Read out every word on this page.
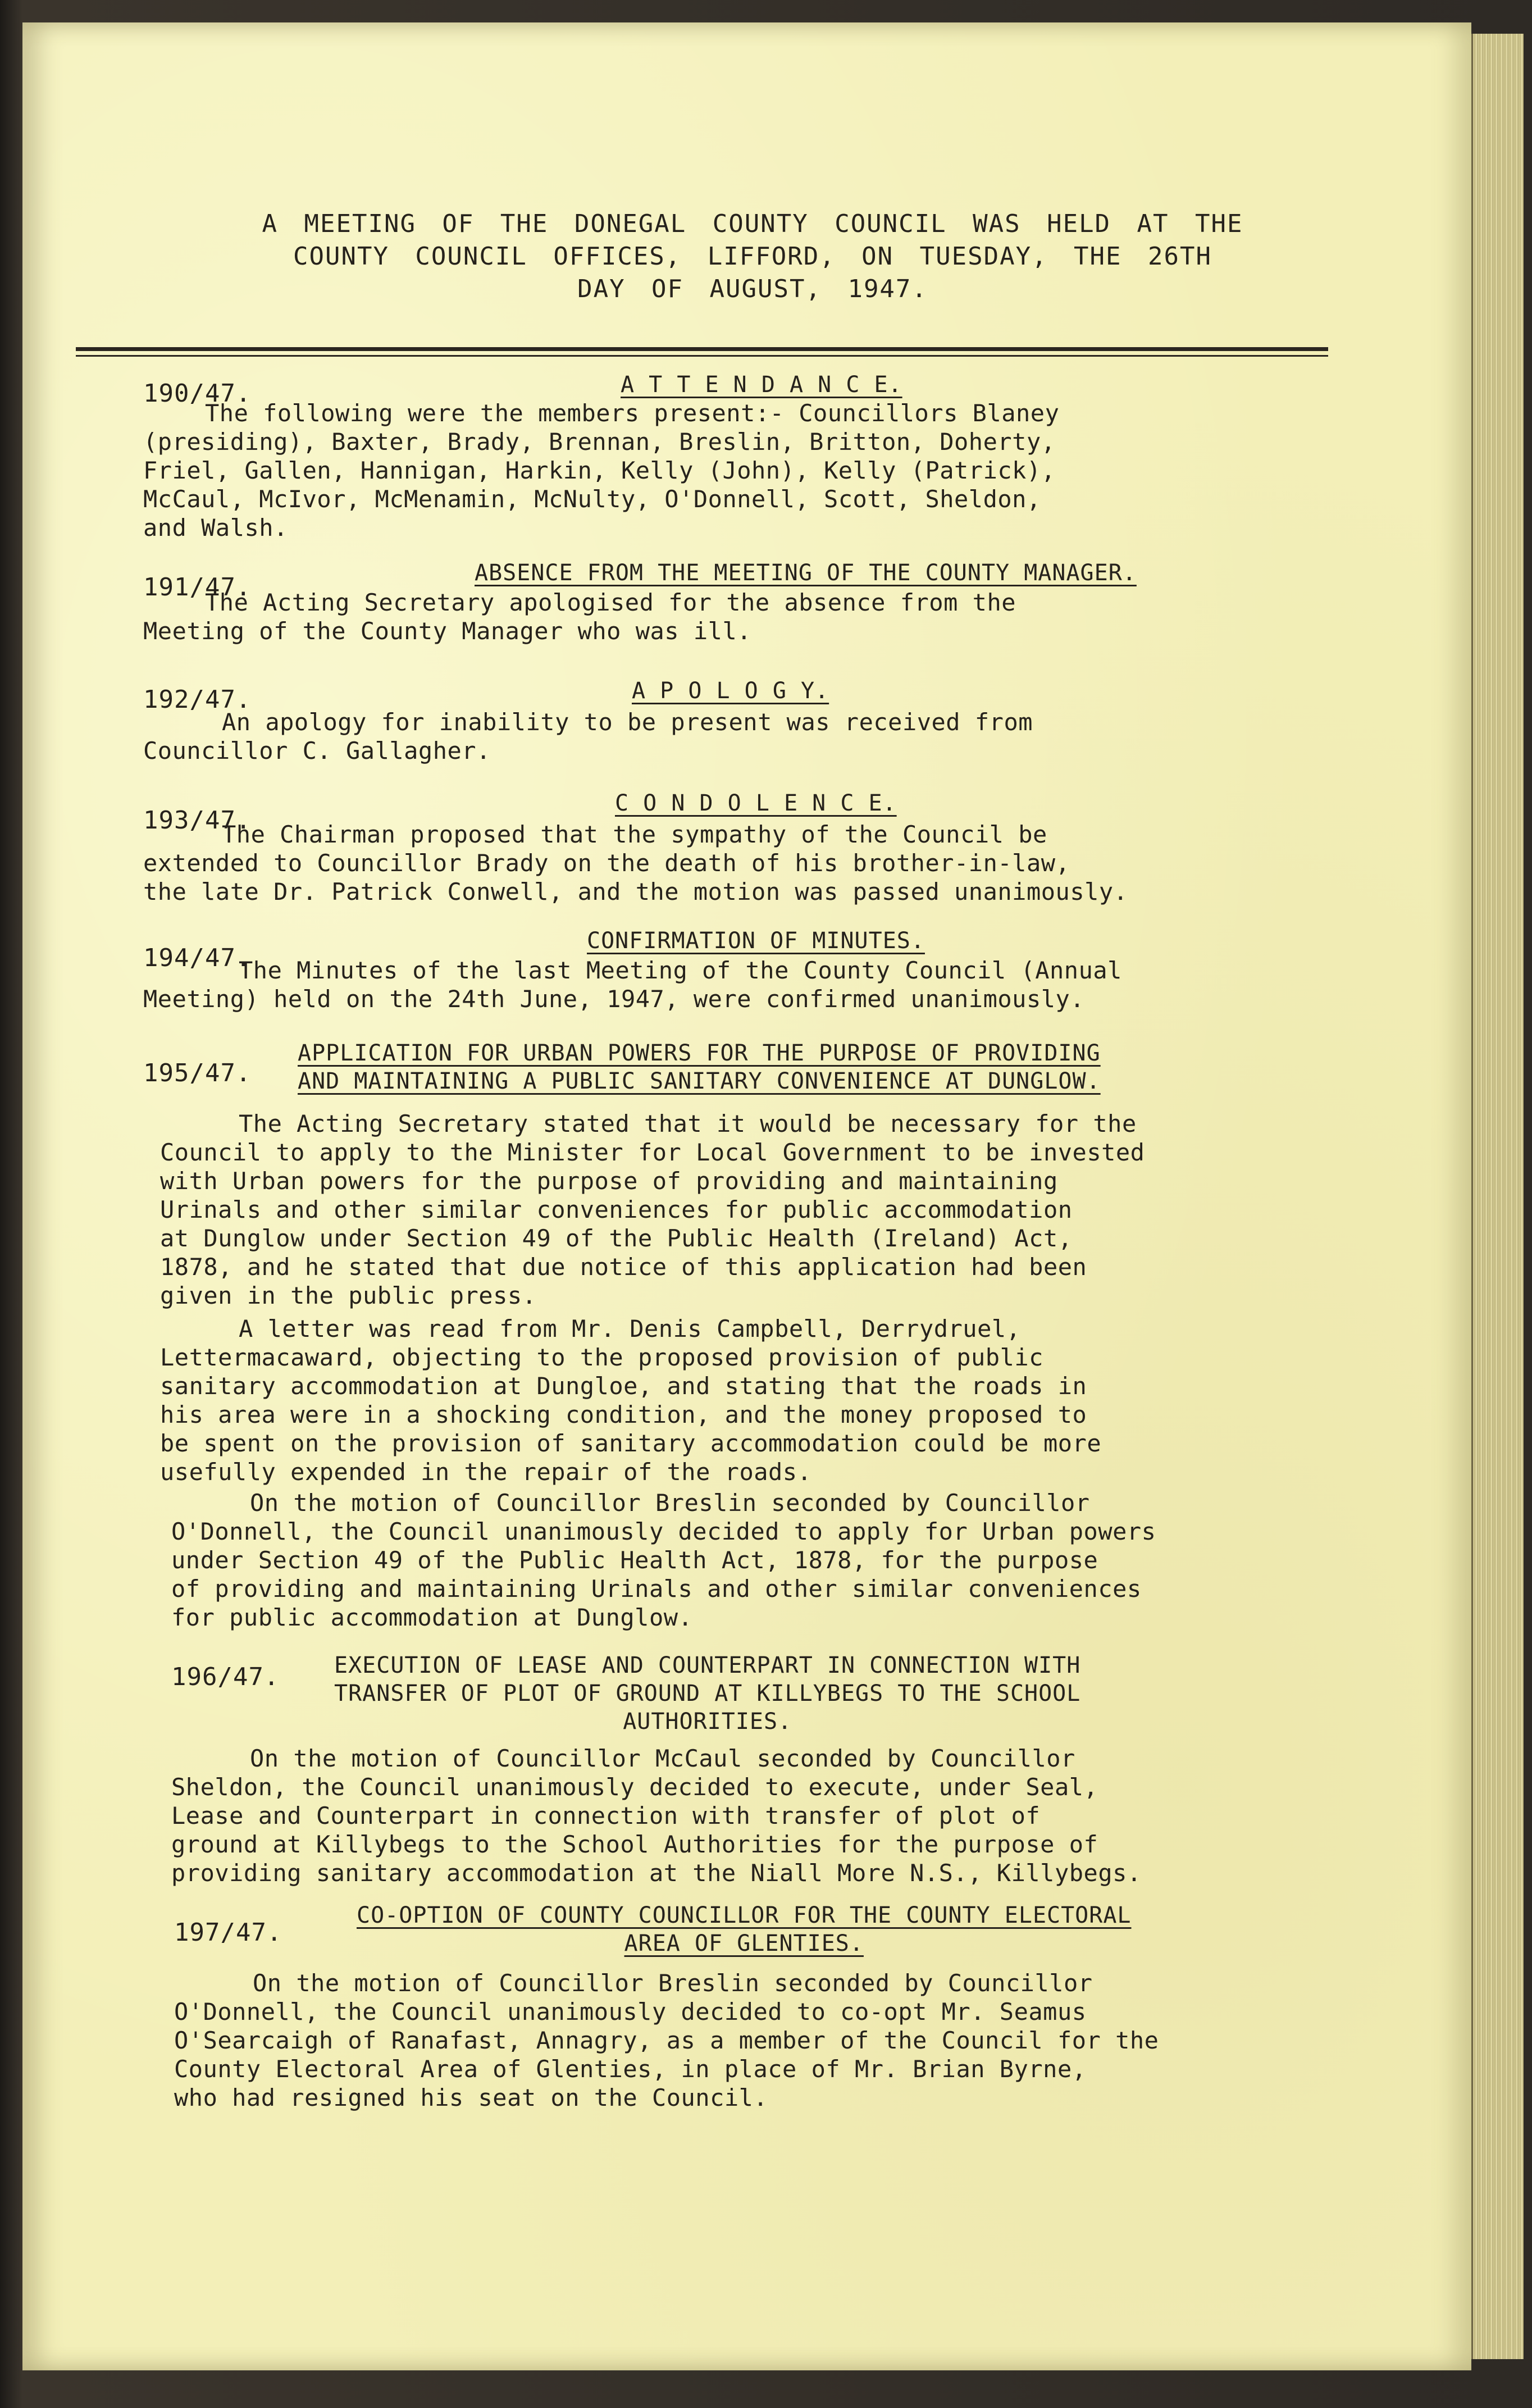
A MEETING OF THE DONEGAL COUNTY COUNCIL WAS HELD AT THE
COUNTY COUNCIL OFFICES, LIFFORD, ON TUESDAY, THE 26TH
DAY OF AUGUST, 1947.
190/47.	A T T E N D A N C E.
The following were the members present:- Councillors Blaney
(presiding), Baxter, Brady, Brennan, Breslin, Britton, Doherty,
Friel, Gallen, Hannigan, Harkin, Kelly (John), Kelly (Patrick),
McCaul, McIvor, McMenamin, McNulty, O'Donnell, Scott, Sheldon,
and Walsh.
191/47.	ABSENCE FROM THE MEETING OF THE COUNTY MANAGER.
The Acting Secretary apologised for the absence from the
Meeting of the County Manager who was ill.
192/47.	A P O L O G Y.
An apology for inability to be present was received from
Councillor C. Gallagher.
193/47.
C O N D O L E N C E.
The Chairman proposed that the sympathy of the Council be
extended to Councillor Brady on the death of his brother-in-law,
the late Dr. Patrick Conwell, and the motion was passed unanimously.
194/47.
CONFIRMATION OF MINUTES.
The Minutes of the last Meeting of the County Council (Annual
Meeting) held on the 24th June, 1947, were confirmed unanimously.
195/47.
APPLICATION FOR URBAN POWERS FOR THE PURPOSE OF PROVIDING
AND MAINTAINING A PUBLIC SANITARY CONVENIENCE AT DUNGLOW.
The Acting Secretary stated that it would be necessary for the
Council to apply to the Minister for Local Government to be invested
with Urban powers for the purpose of providing and maintaining
Urinals and other similar conveniences for public accommodation
at Dunglow under Section 49 of the Public Health (Ireland) Act,
1878, and he stated that due notice of this application had been
given in the public press.
A letter was read from Mr. Denis Campbell, Derrydruel,
Lettermacaward, objecting to the proposed provision of public
sanitary accommodation at Dungloe, and stating that the roads in
his area were in a shocking condition, and the money proposed to
be spent on the provision of sanitary accommodation could be more
usefully expended in the repair of the roads.
On the motion of Councillor Breslin seconded by Councillor
O'Donnell, the Council unanimously decided to apply for Urban powers
under Section 49 of the Public Health Act, 1878, for the purpose
of providing and maintaining Urinals and other similar conveniences
for public accommodation at Dunglow.
196/47. EXECUTION OF LEASE AND COUNTERPART IN CONNECTION WITH
TRANSFER OF PLOT OF GROUND AT KILLYBEGS TO THE SCHOOL
AUTHORITIES.
On the motion of Councillor McCaul seconded by Councillor
Sheldon, the Council unanimously decided to execute, under Seal,
Lease and Counterpart in connection with transfer of plot of
ground at Killybegs to the School Authorities for the purpose of
providing sanitary accommodation at the Niall More N.S., Killybegs.
197/47.
CO-OPTION OF COUNTY COUNCILLOR FOR THE COUNTY ELECTORAL
AREA OF GLENTIES.
On the motion of Councillor Breslin seconded by Councillor
O'Donnell, the Council unanimously decided to co-opt Mr. Seamus
O'Searcaigh of Ranafast, Annagry, as a member of the Council for the
County Electoral Area of Glenties, in place of Mr. Brian Byrne,
who had resigned his seat on the Council.
